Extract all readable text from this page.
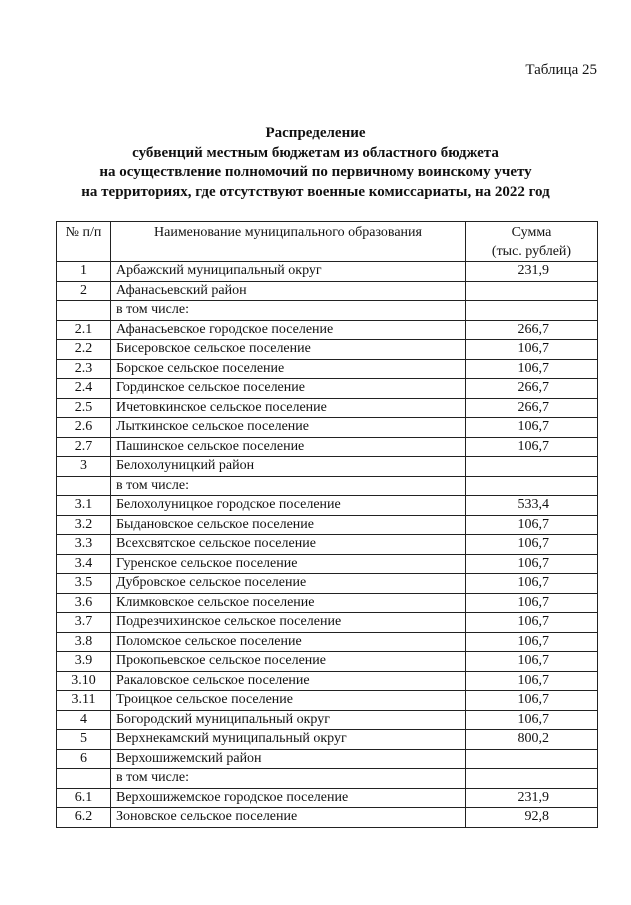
Таблица 25
Распределение
субвенций местным бюджетам из областного бюджета
на осуществление полномочий по первичному воинскому учету
на территориях, где отсутствуют военные комиссариаты, на 2022 год
№ п/п	Наименование муниципального образования	Сумма
(тыс. рублей)

1	Арбажский муниципальный округ	231,9
2	Афанасьевский район	
	в том числе:	
2.1	Афанасьевское городское поселение	266,7
2.2	Бисеровское сельское поселение	106,7
2.3	Борское сельское поселение	106,7
2.4	Гординское сельское поселение	266,7
2.5	Ичетовкинское сельское поселение	266,7
2.6	Лыткинское сельское поселение	106,7
2.7	Пашинское сельское поселение	106,7
3	Белохолуницкий район	
	в том числе:	
3.1	Белохолуницкое городское поселение	533,4
3.2	Быдановское сельское поселение	106,7
3.3	Всехсвятское сельское поселение	106,7
3.4	Гуренское сельское поселение	106,7
3.5	Дубровское сельское поселение	106,7
3.6	Климковское сельское поселение	106,7
3.7	Подрезчихинское сельское поселение	106,7
3.8	Поломское сельское поселение	106,7
3.9	Прокопьевское сельское поселение	106,7
3.10	Ракаловское сельское поселение	106,7
3.11	Троицкое сельское поселение	106,7
4	Богородский муниципальный округ	106,7
5	Верхнекамский муниципальный округ	800,2
6	Верхошижемский район	
	в том числе:	
6.1	Верхошижемское городское поселение	231,9
6.2	Зоновское сельское поселение	92,8
